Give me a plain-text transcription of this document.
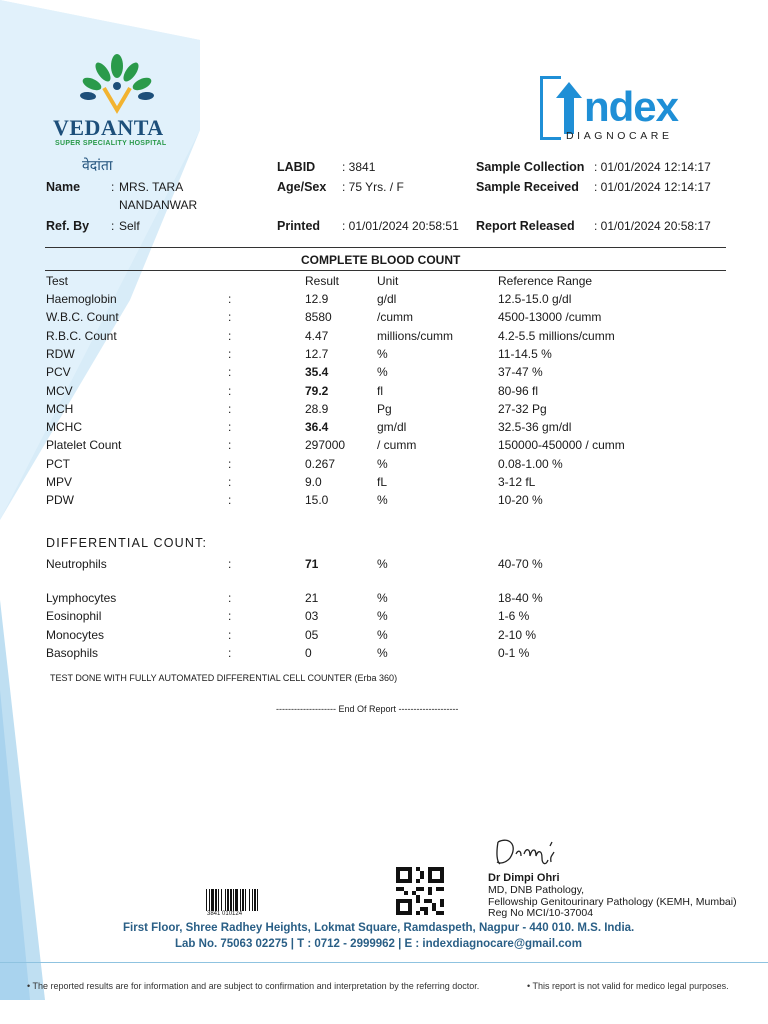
VEDANTA
SUPER SPECIALITY HOSPITAL
वेदांता
ndex
DIAGNOCARE
Name	: MRS. TARA
NANDANWAR
Ref. By : Self
LABID : 3841
Age/Sex : 75 Yrs. / F
Printed : 01/01/2024 20:58:51
Sample Collection : 01/01/2024 12:14:17
Sample Received : 01/01/2024 12:14:17
Report Released : 01/01/2024 20:58:17
COMPLETE BLOOD COUNT
Test	Result	Unit	Reference Range
Haemoglobin	:	12.9	g/dl	12.5-15.0 g/dl
W.B.C. Count	:	8580	/cumm	4500-13000 /cumm
R.B.C. Count	:	4.47	millions/cumm	4.2-5.5 millions/cumm
RDW	:	12.7	%	11-14.5 %
PCV	:	35.4	%	37-47 %
MCV	:	79.2	fl	80-96 fl
MCH	:	28.9	Pg	27-32 Pg
MCHC	:	36.4	gm/dl	32.5-36 gm/dl
Platelet Count	:	297000	/ cumm	150000-450000 / cumm
PCT	:	0.267	%	0.08-1.00 %
MPV	:	9.0	fL	3-12 fL
PDW	:	15.0	%	10-20 %
DIFFERENTIAL COUNT:
Neutrophils	:	71	%	40-70 %
Lymphocytes	:	21	%	18-40 %
Eosinophil	:	03	%	1-6 %
Monocytes	:	05	%	2-10 %
Basophils	:	0	%	0-1 %
TEST DONE WITH FULLY AUTOMATED DIFFERENTIAL CELL COUNTER (Erba 360)
-------------------- End Of Report --------------------
Dr Dimpi Ohri
MD, DNB Pathology,
Fellowship Genitourinary Pathology (KEMH, Mumbai)
Reg No MCI/10-37004
3841 010124
First Floor, Shree Radhey Heights, Lokmat Square, Ramdaspeth, Nagpur - 440 010. M.S. India.
Lab No. 75063 02275 | T : 0712 - 2999962 | E : indexdiagnocare@gmail.com
• The reported results are for information and are subject to confirmation and interpretation by the referring doctor.	• This report is not valid for medico legal purposes.
